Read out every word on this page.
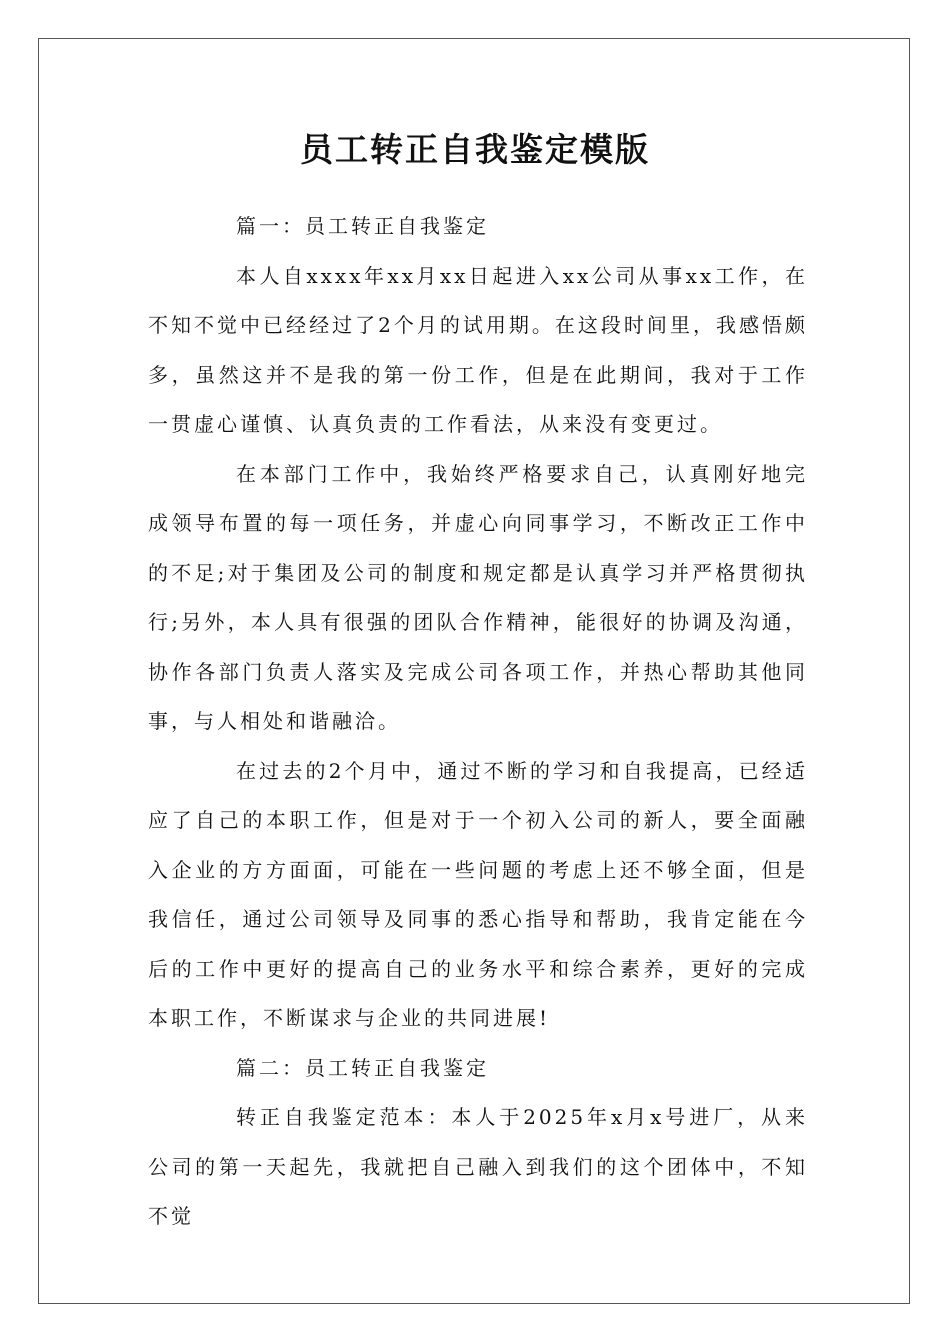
员工转正自我鉴定模版

篇一：员工转正自我鉴定

本人自xxxx年xx月xx日起进入xx公司从事xx工作，在不知不觉中已经经过了2个月的试用期。在这段时间里，我感悟颇多，虽然这并不是我的第一份工作，但是在此期间，我对于工作一贯虚心谨慎、认真负责的工作看法，从来没有变更过。

在本部门工作中，我始终严格要求自己，认真刚好地完成领导布置的每一项任务，并虚心向同事学习，不断改正工作中的不足;对于集团及公司的制度和规定都是认真学习并严格贯彻执行;另外，本人具有很强的团队合作精神，能很好的协调及沟通，协作各部门负责人落实及完成公司各项工作，并热心帮助其他同事，与人相处和谐融洽。

在过去的2个月中，通过不断的学习和自我提高，已经适应了自己的本职工作，但是对于一个初入公司的新人，要全面融入企业的方方面面，可能在一些问题的考虑上还不够全面，但是我信任，通过公司领导及同事的悉心指导和帮助，我肯定能在今后的工作中更好的提高自己的业务水平和综合素养，更好的完成本职工作，不断谋求与企业的共同进展!

篇二：员工转正自我鉴定

转正自我鉴定范本：本人于2025年x月x号进厂，从来公司的第一天起先，我就把自己融入到我们的这个团体中，不知不觉
